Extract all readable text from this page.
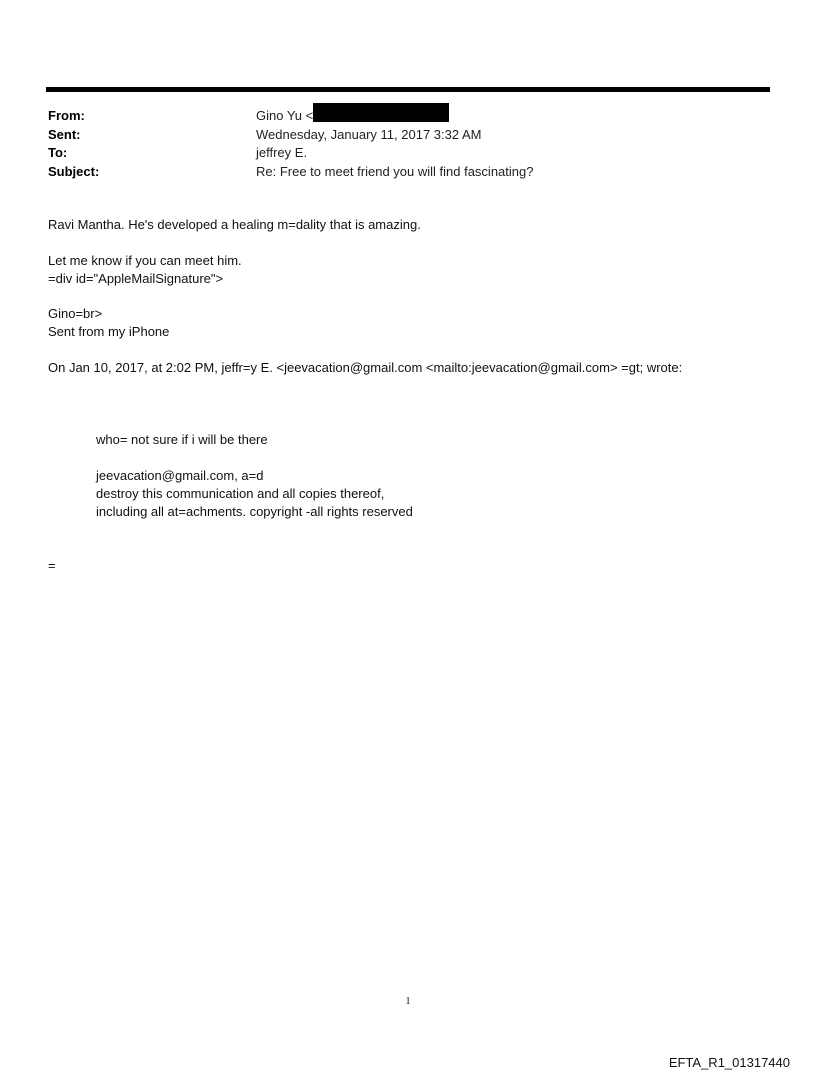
From:	Gino Yu <
Sent:	Wednesday, January 11, 2017 3:32 AM
To:	jeffrey E.
Subject:	Re: Free to meet friend you will find fascinating?
Ravi Mantha. He's developed a healing m=dality that is amazing.
Let me know if you can meet him.
=div id="AppleMailSignature">
Gino=br>
Sent from my iPhone
On Jan 10, 2017, at 2:02 PM, jeffr=y E. <jeevacation@gmail.com <mailto:jeevacation@gmail.com> =gt; wrote:
who= not sure if i will be there
jeevacation@gmail.com, a=d
destroy this communication and all copies thereof,
including all at=achments. copyright -all rights reserved
=
1
EFTA_R1_01317440
